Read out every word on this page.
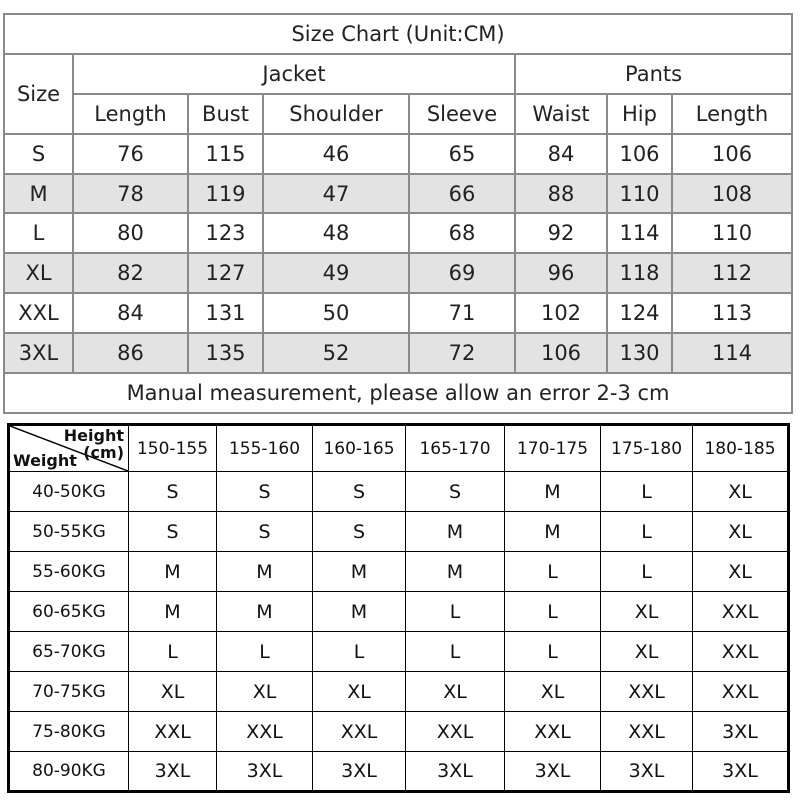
Size Chart (Unit:CM)							
Size	Jacket				Pants		
	Length	Bust	Shoulder	Sleeve	Waist	Hip	Length
S	76	115	46	65	84	106	106
M	78	119	47	66	88	110	108
L	80	123	48	68	92	114	110
XL	82	127	49	69	96	118	112
XXL	84	131	50	71	102	124	113
3XL	86	135	52	72	106	130	114
Manual measurement, please allow an error 2-3 cm							
Height
(cm)
Weight	150-155	155-160	160-165	165-170	170-175	175-180	180-185
40-50KG	S	S	S	S	M	L	XL
50-55KG	S	S	S	M	M	L	XL
55-60KG	M	M	M	M	L	L	XL
60-65KG	M	M	M	L	L	XL	XXL
65-70KG	L	L	L	L	L	XL	XXL
70-75KG	XL	XL	XL	XL	XL	XXL	XXL
75-80KG	XXL	XXL	XXL	XXL	XXL	XXL	3XL
80-90KG	3XL	3XL	3XL	3XL	3XL	3XL	3XL
